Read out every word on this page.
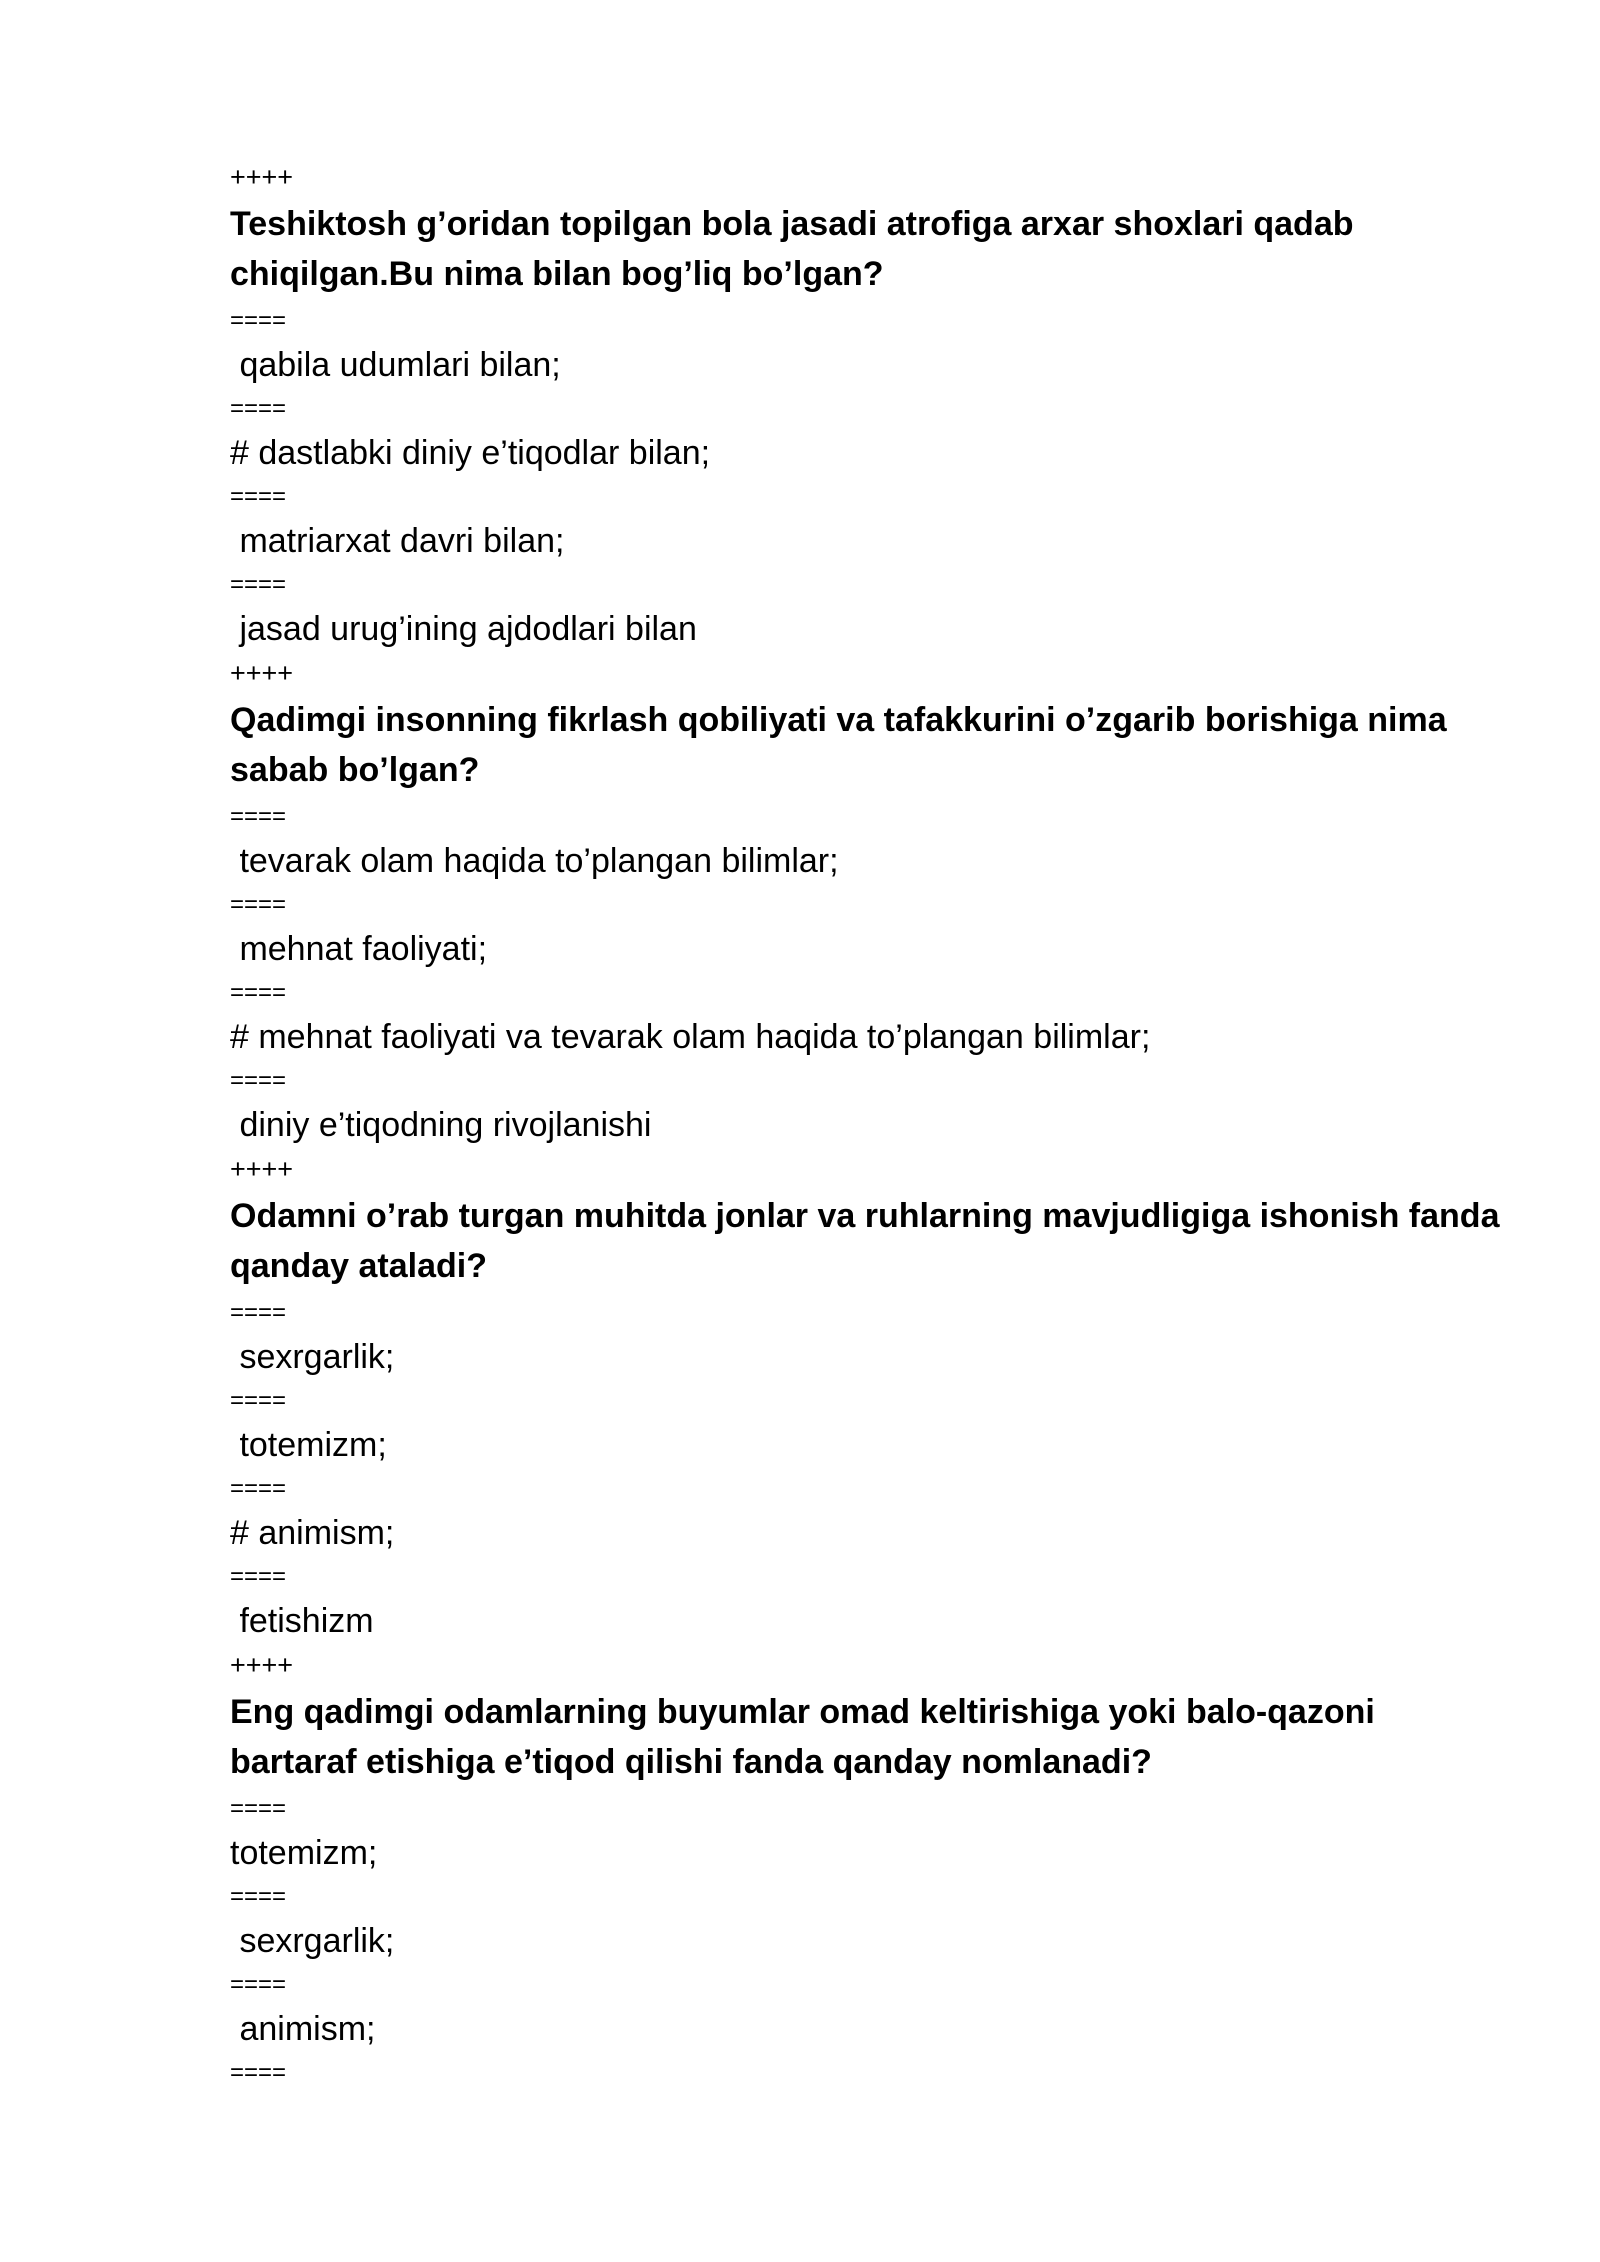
++++

Teshiktosh g’oridan topilgan bola jasadi atrofiga arxar shoxlari qadab chiqilgan.Bu nima bilan bog’liq bo’lgan?

====

qabila udumlari bilan;

====

# dastlabki diniy e’tiqodlar bilan;

====

matriarxat davri bilan;

====

jasad urug’ining ajdodlari bilan

++++

Qadimgi insonning fikrlash qobiliyati va tafakkurini o’zgarib borishiga nima sabab bo’lgan?

====

tevarak olam haqida to’plangan bilimlar;

====

mehnat faoliyati;

====

# mehnat faoliyati va tevarak olam haqida to’plangan bilimlar;

====

diniy e’tiqodning rivojlanishi

++++

Odamni o’rab turgan muhitda jonlar va ruhlarning mavjudligiga ishonish fanda qanday ataladi?

====

sexrgarlik;

====

totemizm;

====

# animism;

====

fetishizm

++++

Eng qadimgi odamlarning buyumlar omad keltirishiga yoki balo-qazoni bartaraf etishiga e’tiqod qilishi fanda qanday nomlanadi?

====

totemizm;

====

sexrgarlik;

====

animism;

====
